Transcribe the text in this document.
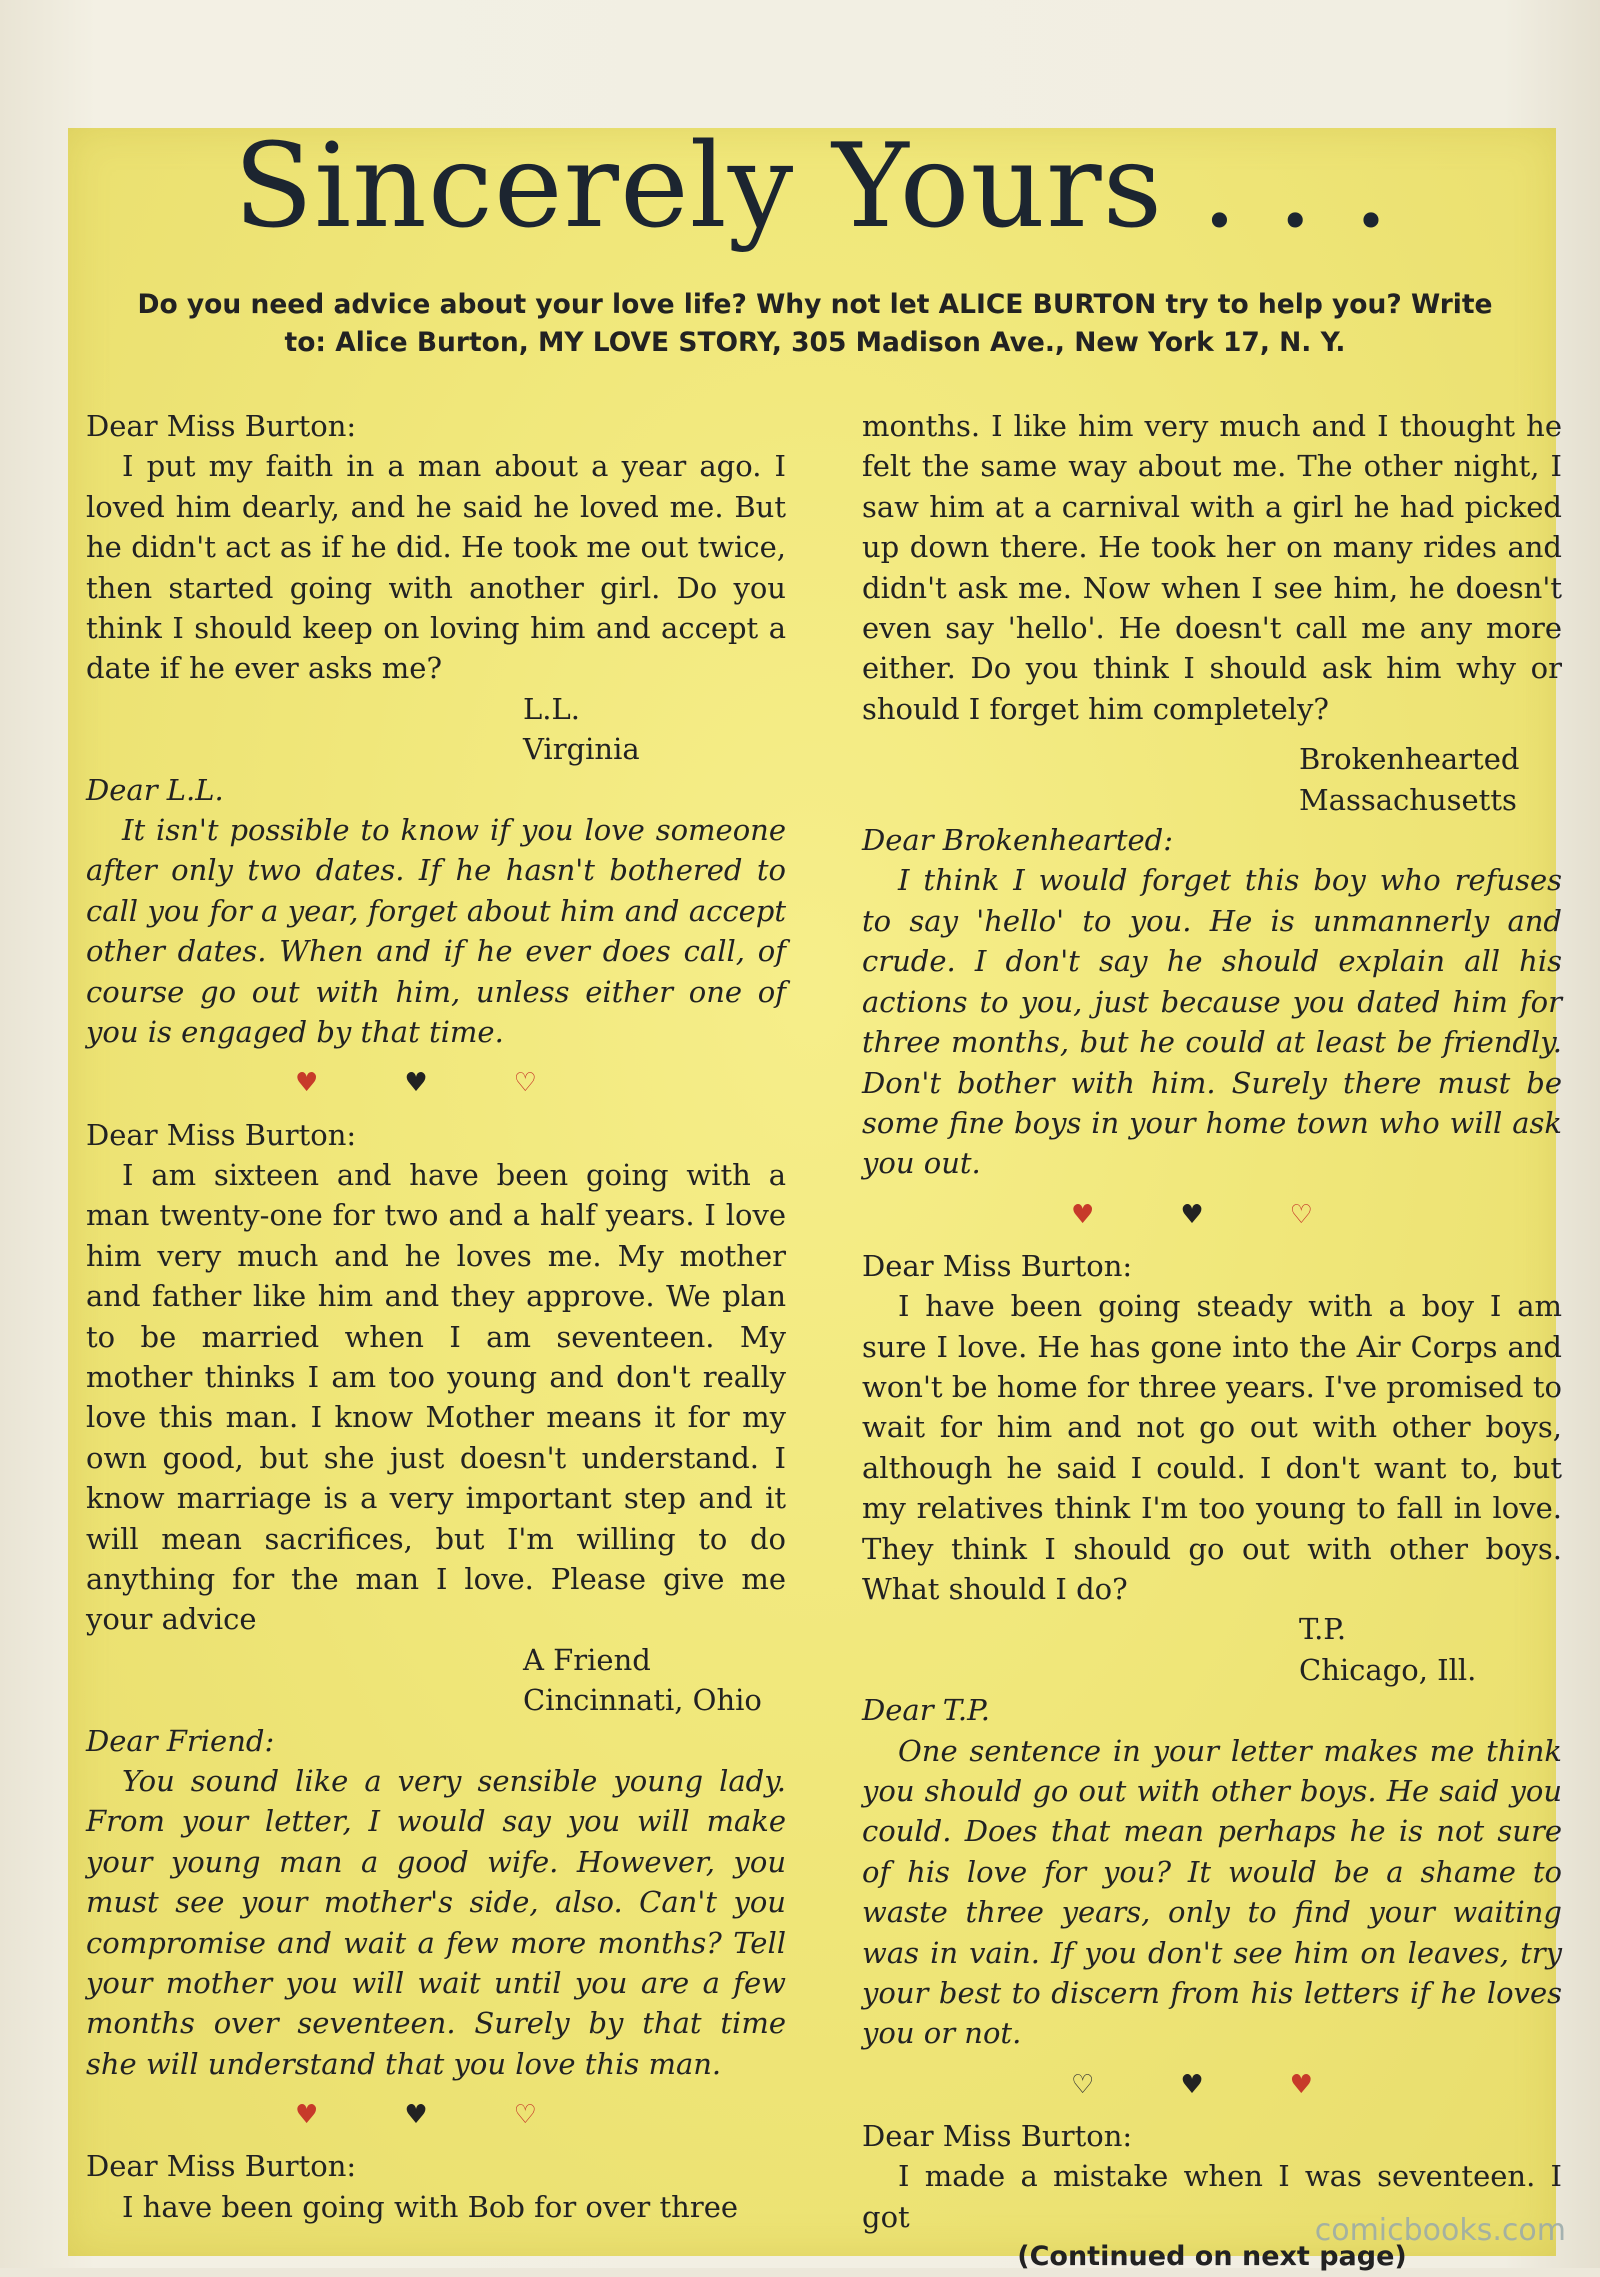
Sincerely Yours . . .
Do you need advice about your love life? Why not let ALICE BURTON try to help you? Write
to: Alice Burton, MY LOVE STORY, 305 Madison Ave., New York 17, N. Y.

Dear Miss Burton:

I put my faith in a man about a year ago. I loved him dearly, and he said he loved me. But he didn't act as if he did. He took me out twice, then started going with another girl. Do you think I should keep on loving him and accept a date if he ever asks me?

L.L.

Virginia

Dear L.L.

It isn't possible to know if you love someone after only two dates. If he hasn't bothered to call you for a year, forget about him and accept other dates. When and if he ever does call, of course go out with him, unless either one of you is engaged by that time.

♥	♥	♡

Dear Miss Burton:

I am sixteen and have been going with a man twenty-one for two and a half years. I love him very much and he loves me. My mother and father like him and they approve. We plan to be married when I am seventeen. My mother thinks I am too young and don't really love this man. I know Mother means it for my own good, but she just doesn't understand. I know marriage is a very important step and it will mean sacrifices, but I'm willing to do anything for the man I love. Please give me your advice

A Friend

Cincinnati, Ohio

Dear Friend:

You sound like a very sensible young lady. From your letter, I would say you will make your young man a good wife. However, you must see your mother's side, also. Can't you compromise and wait a few more months? Tell your mother you will wait until you are a few months over seventeen. Surely by that time she will understand that you love this man.

♥	♥	♡

Dear Miss Burton:

I have been going with Bob for over three

months. I like him very much and I thought he felt the same way about me. The other night, I saw him at a carnival with a girl he had picked up down there. He took her on many rides and didn't ask me. Now when I see him, he doesn't even say 'hello'. He doesn't call me any more either. Do you think I should ask him why or should I forget him completely?

Brokenhearted

Massachusetts

Dear Brokenhearted:

I think I would forget this boy who refuses to say 'hello' to you. He is unmannerly and crude. I don't say he should explain all his actions to you, just because you dated him for three months, but he could at least be friendly. Don't bother with him. Surely there must be some fine boys in your home town who will ask you out.

♥	♥	♡

Dear Miss Burton:

I have been going steady with a boy I am sure I love. He has gone into the Air Corps and won't be home for three years. I've promised to wait for him and not go out with other boys, although he said I could. I don't want to, but my relatives think I'm too young to fall in love. They think I should go out with other boys. What should I do?

T.P.

Chicago, Ill.

Dear T.P.

One sentence in your letter makes me think you should go out with other boys. He said you could. Does that mean perhaps he is not sure of his love for you? It would be a shame to waste three years, only to find your waiting was in vain. If you don't see him on leaves, try your best to discern from his letters if he loves you or not.

♡	♥	♥

Dear Miss Burton:

I made a mistake when I was seventeen. I got

(Continued on next page)

comicbooks.com
